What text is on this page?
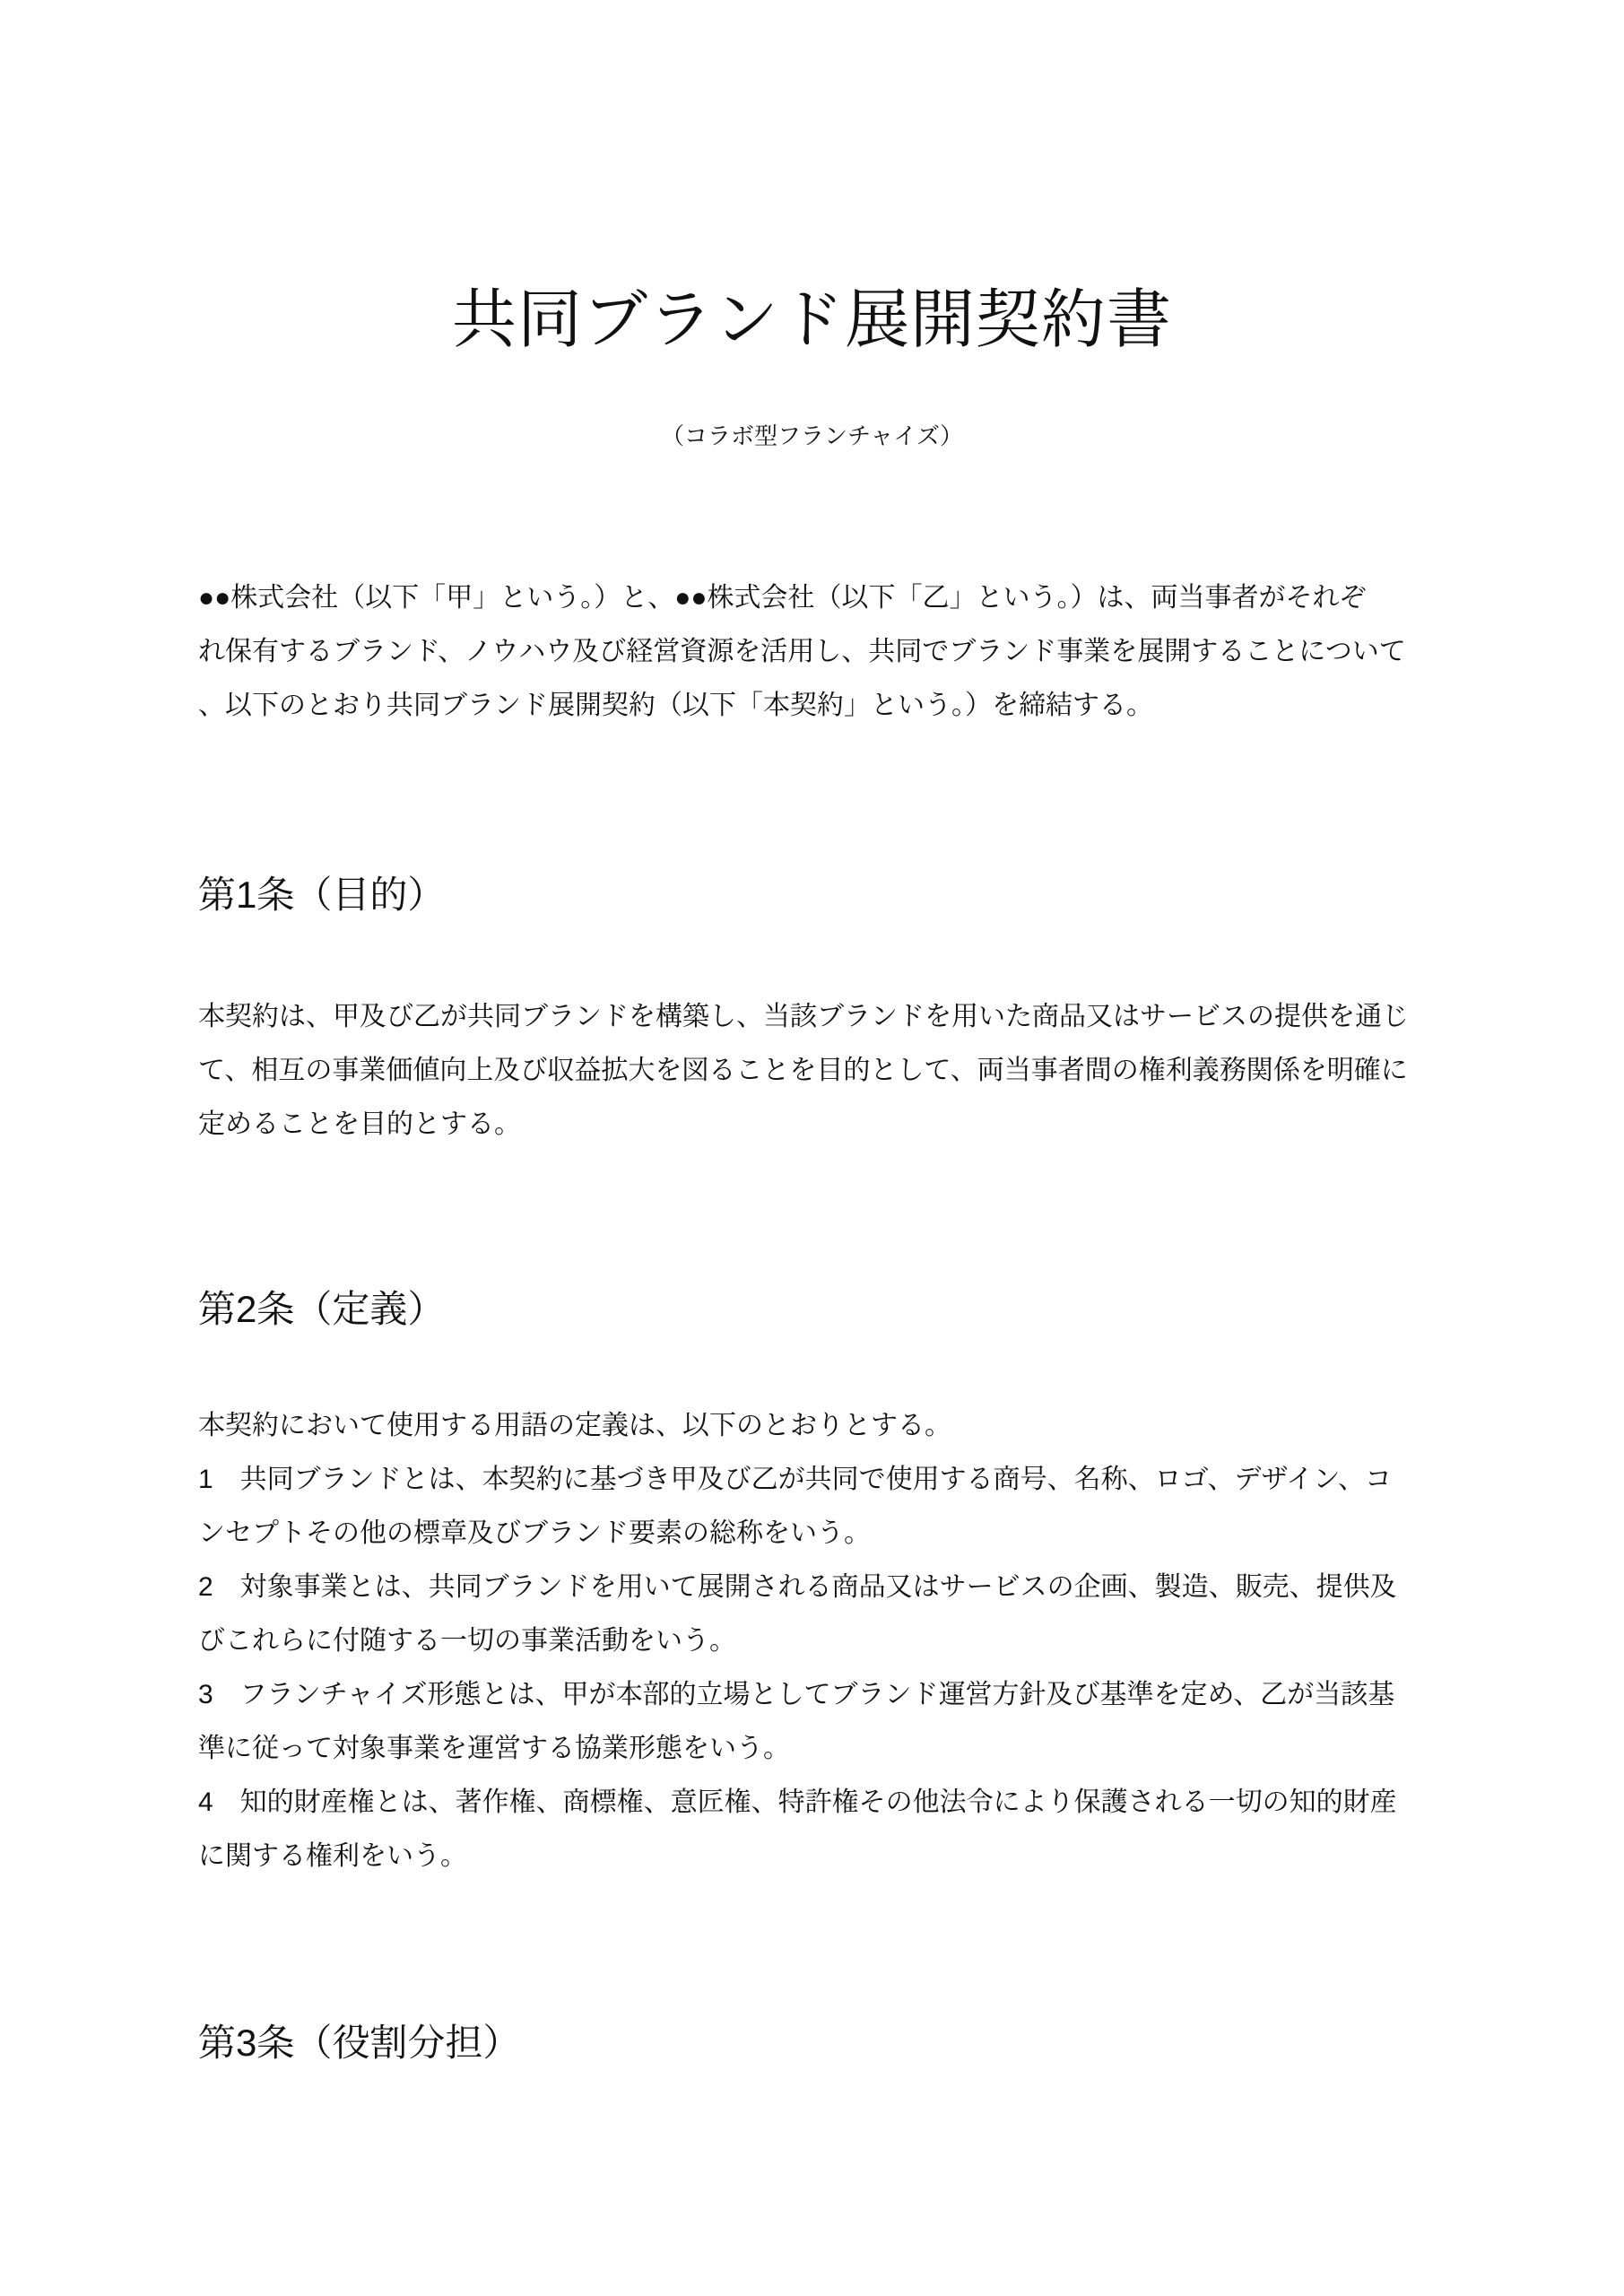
共同ブランド展開契約書
（コラボ型フランチャイズ）
●●株式会社（以下「甲」という。）と、●●株式会社（以下「乙」という。）は、両当事者がそれぞ
れ保有するブランド、ノウハウ及び経営資源を活用し、共同でブランド事業を展開することについて
、以下のとおり共同ブランド展開契約（以下「本契約」という。）を締結する。
第1条（目的）
本契約は、甲及び乙が共同ブランドを構築し、当該ブランドを用いた商品又はサービスの提供を通じ
て、相互の事業価値向上及び収益拡大を図ることを目的として、両当事者間の権利義務関係を明確に
定めることを目的とする。
第2条（定義）
本契約において使用する用語の定義は、以下のとおりとする。
1　共同ブランドとは、本契約に基づき甲及び乙が共同で使用する商号、名称、ロゴ、デザイン、コ
ンセプトその他の標章及びブランド要素の総称をいう。
2　対象事業とは、共同ブランドを用いて展開される商品又はサービスの企画、製造、販売、提供及
びこれらに付随する一切の事業活動をいう。
3　フランチャイズ形態とは、甲が本部的立場としてブランド運営方針及び基準を定め、乙が当該基
準に従って対象事業を運営する協業形態をいう。
4　知的財産権とは、著作権、商標権、意匠権、特許権その他法令により保護される一切の知的財産
に関する権利をいう。
第3条（役割分担）
